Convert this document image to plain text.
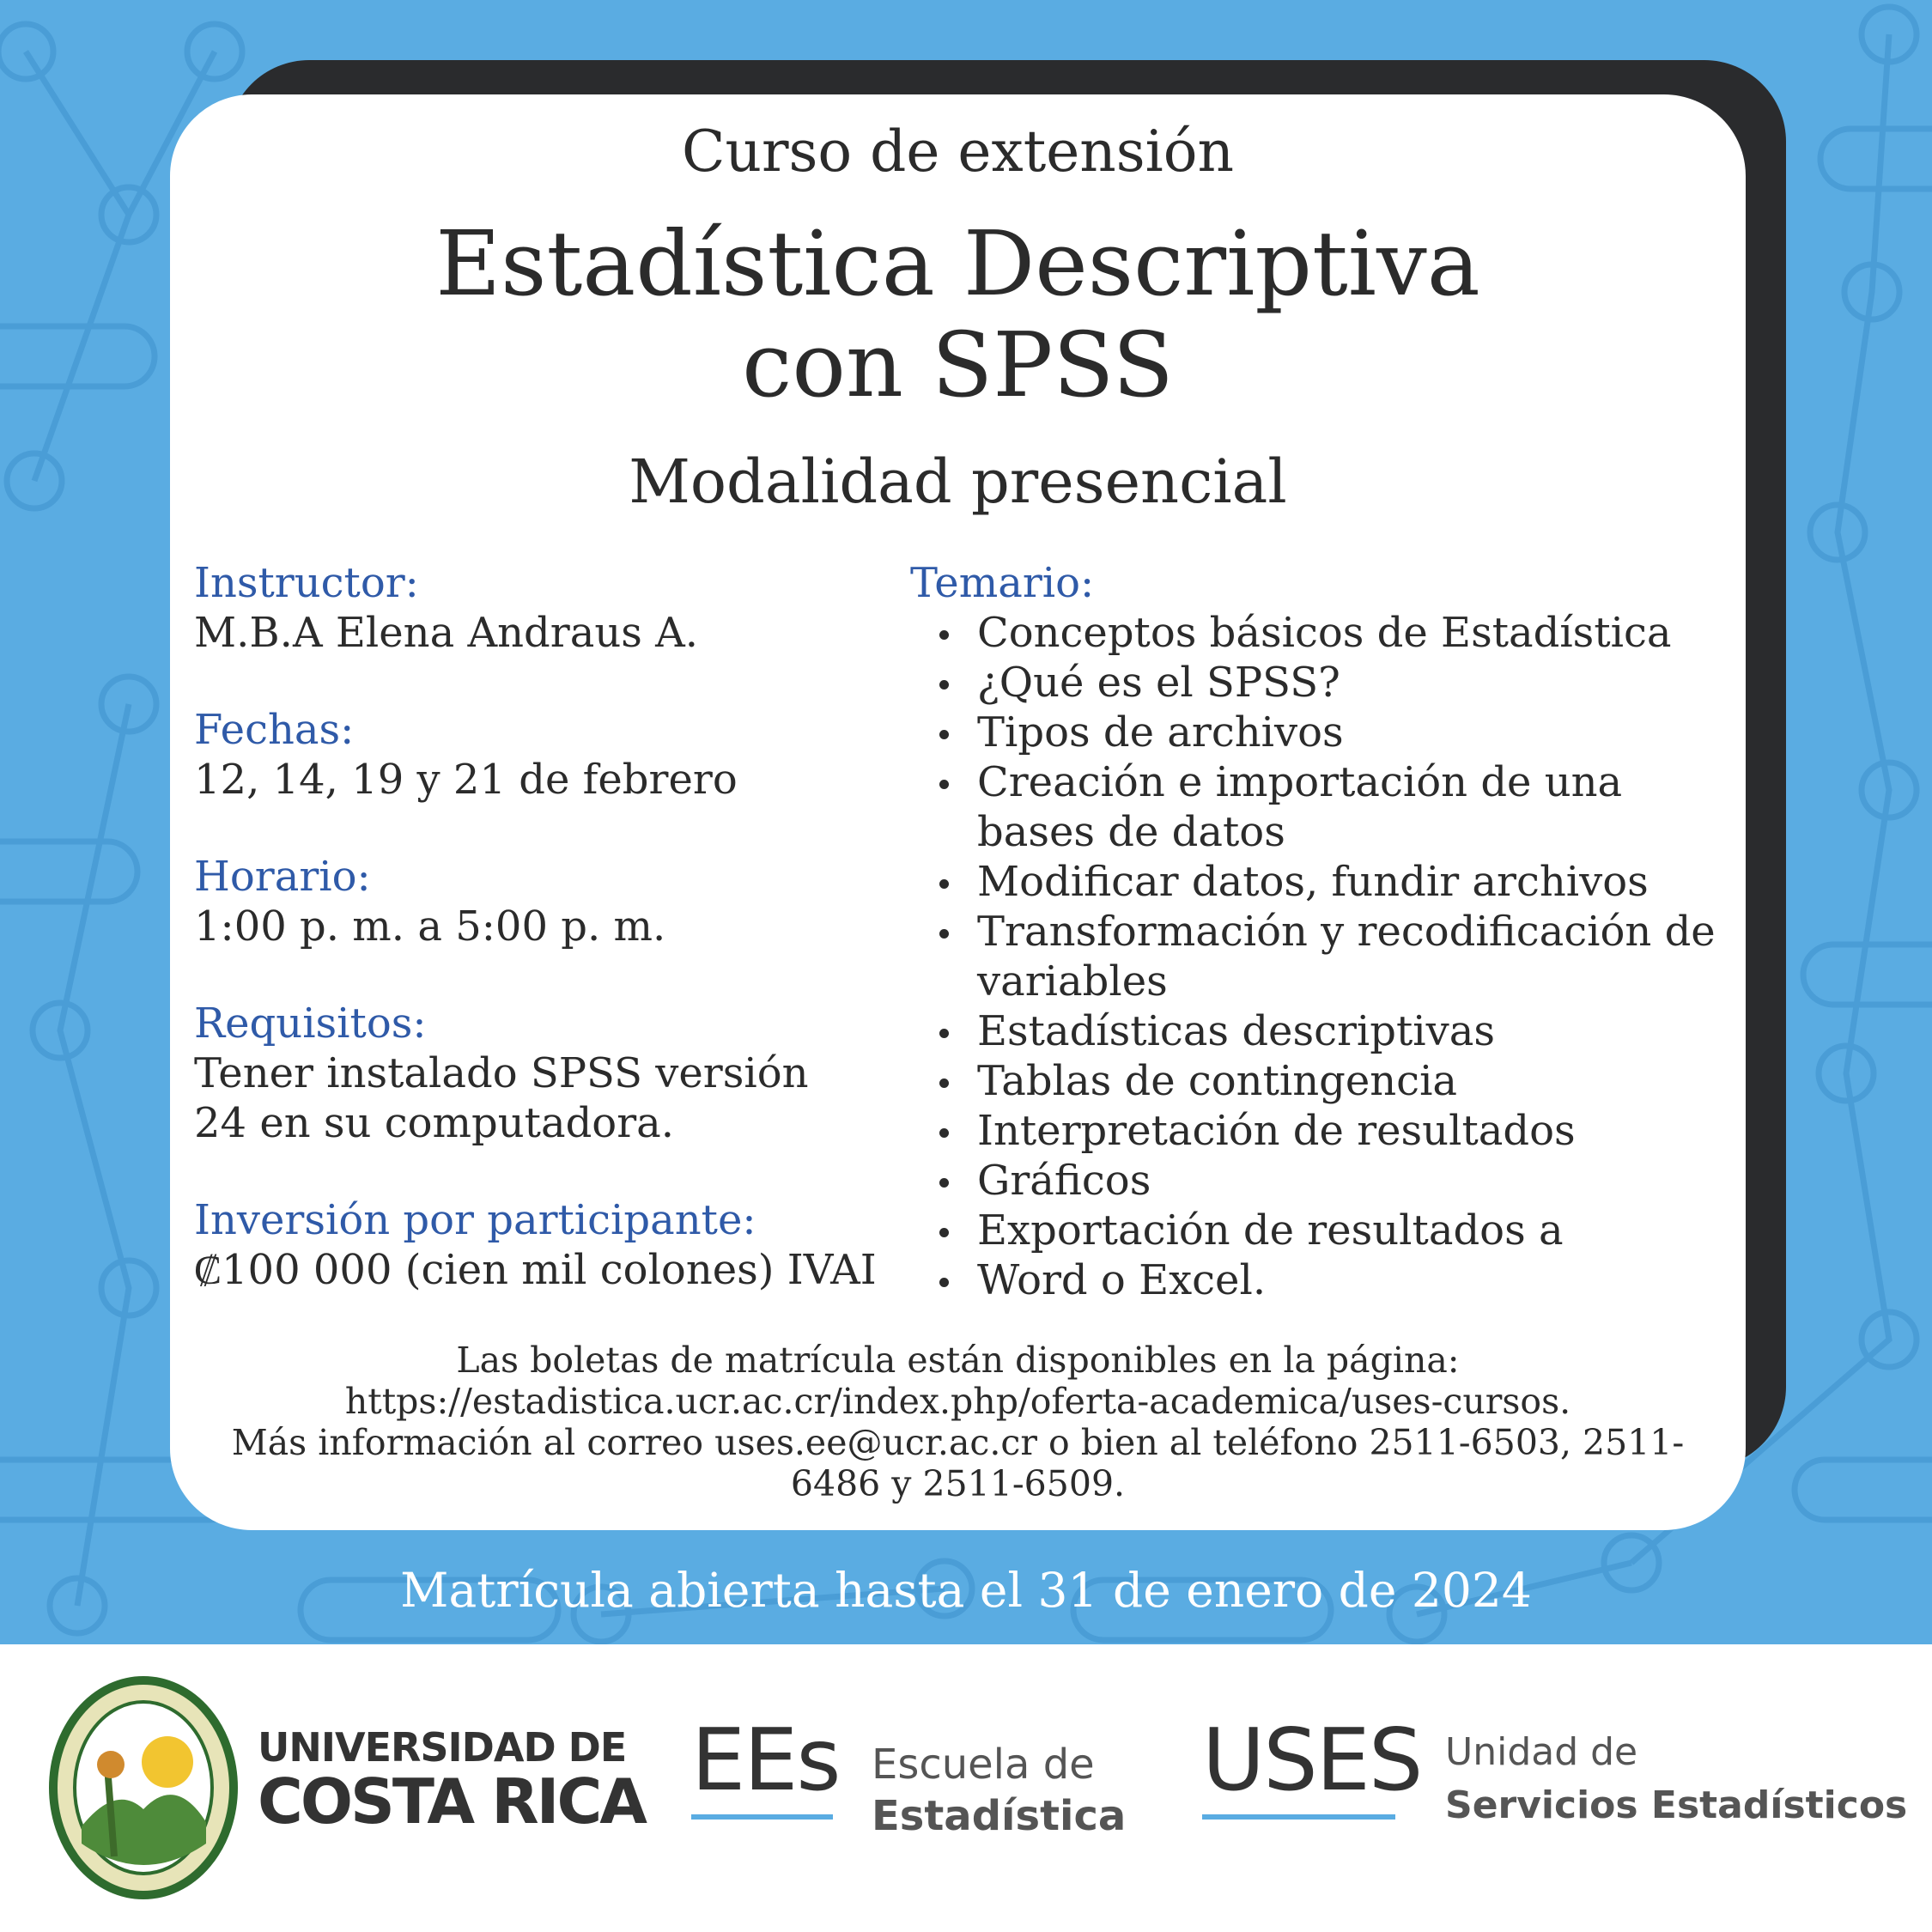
Curso de extensión
Estadística Descriptiva
con SPSS
Modalidad presencial
Instructor:
M.B.A Elena Andraus A.
Fechas:
12, 14, 19 y 21 de febrero
Horario:
1:00 p. m. a 5:00 p. m.
Requisitos:
Tener instalado SPSS versión
24 en su computadora.
Inversión por participante:
₡100 000 (cien mil colones) IVAI
Temario:
Conceptos básicos de Estadística
¿Qué es el SPSS?
Tipos de archivos
Creación e importación de una bases de datos
Modificar datos, fundir archivos
Transformación y recodificación de variables
Estadísticas descriptivas
Tablas de contingencia
Interpretación de resultados
Gráficos
Exportación de resultados a
Word o Excel.
Las boletas de matrícula están disponibles en la página:
https://estadistica.ucr.ac.cr/index.php/oferta-academica/uses-cursos.
Más información al correo uses.ee@ucr.ac.cr o bien al teléfono 2511-6503, 2511-
6486 y 2511-6509.
Matrícula abierta hasta el 31 de enero de 2024
UNIVERSIDAD DE
COSTA RICA EEs Escuela de
Estadística
USES Unidad de
Servicios Estadísticos
